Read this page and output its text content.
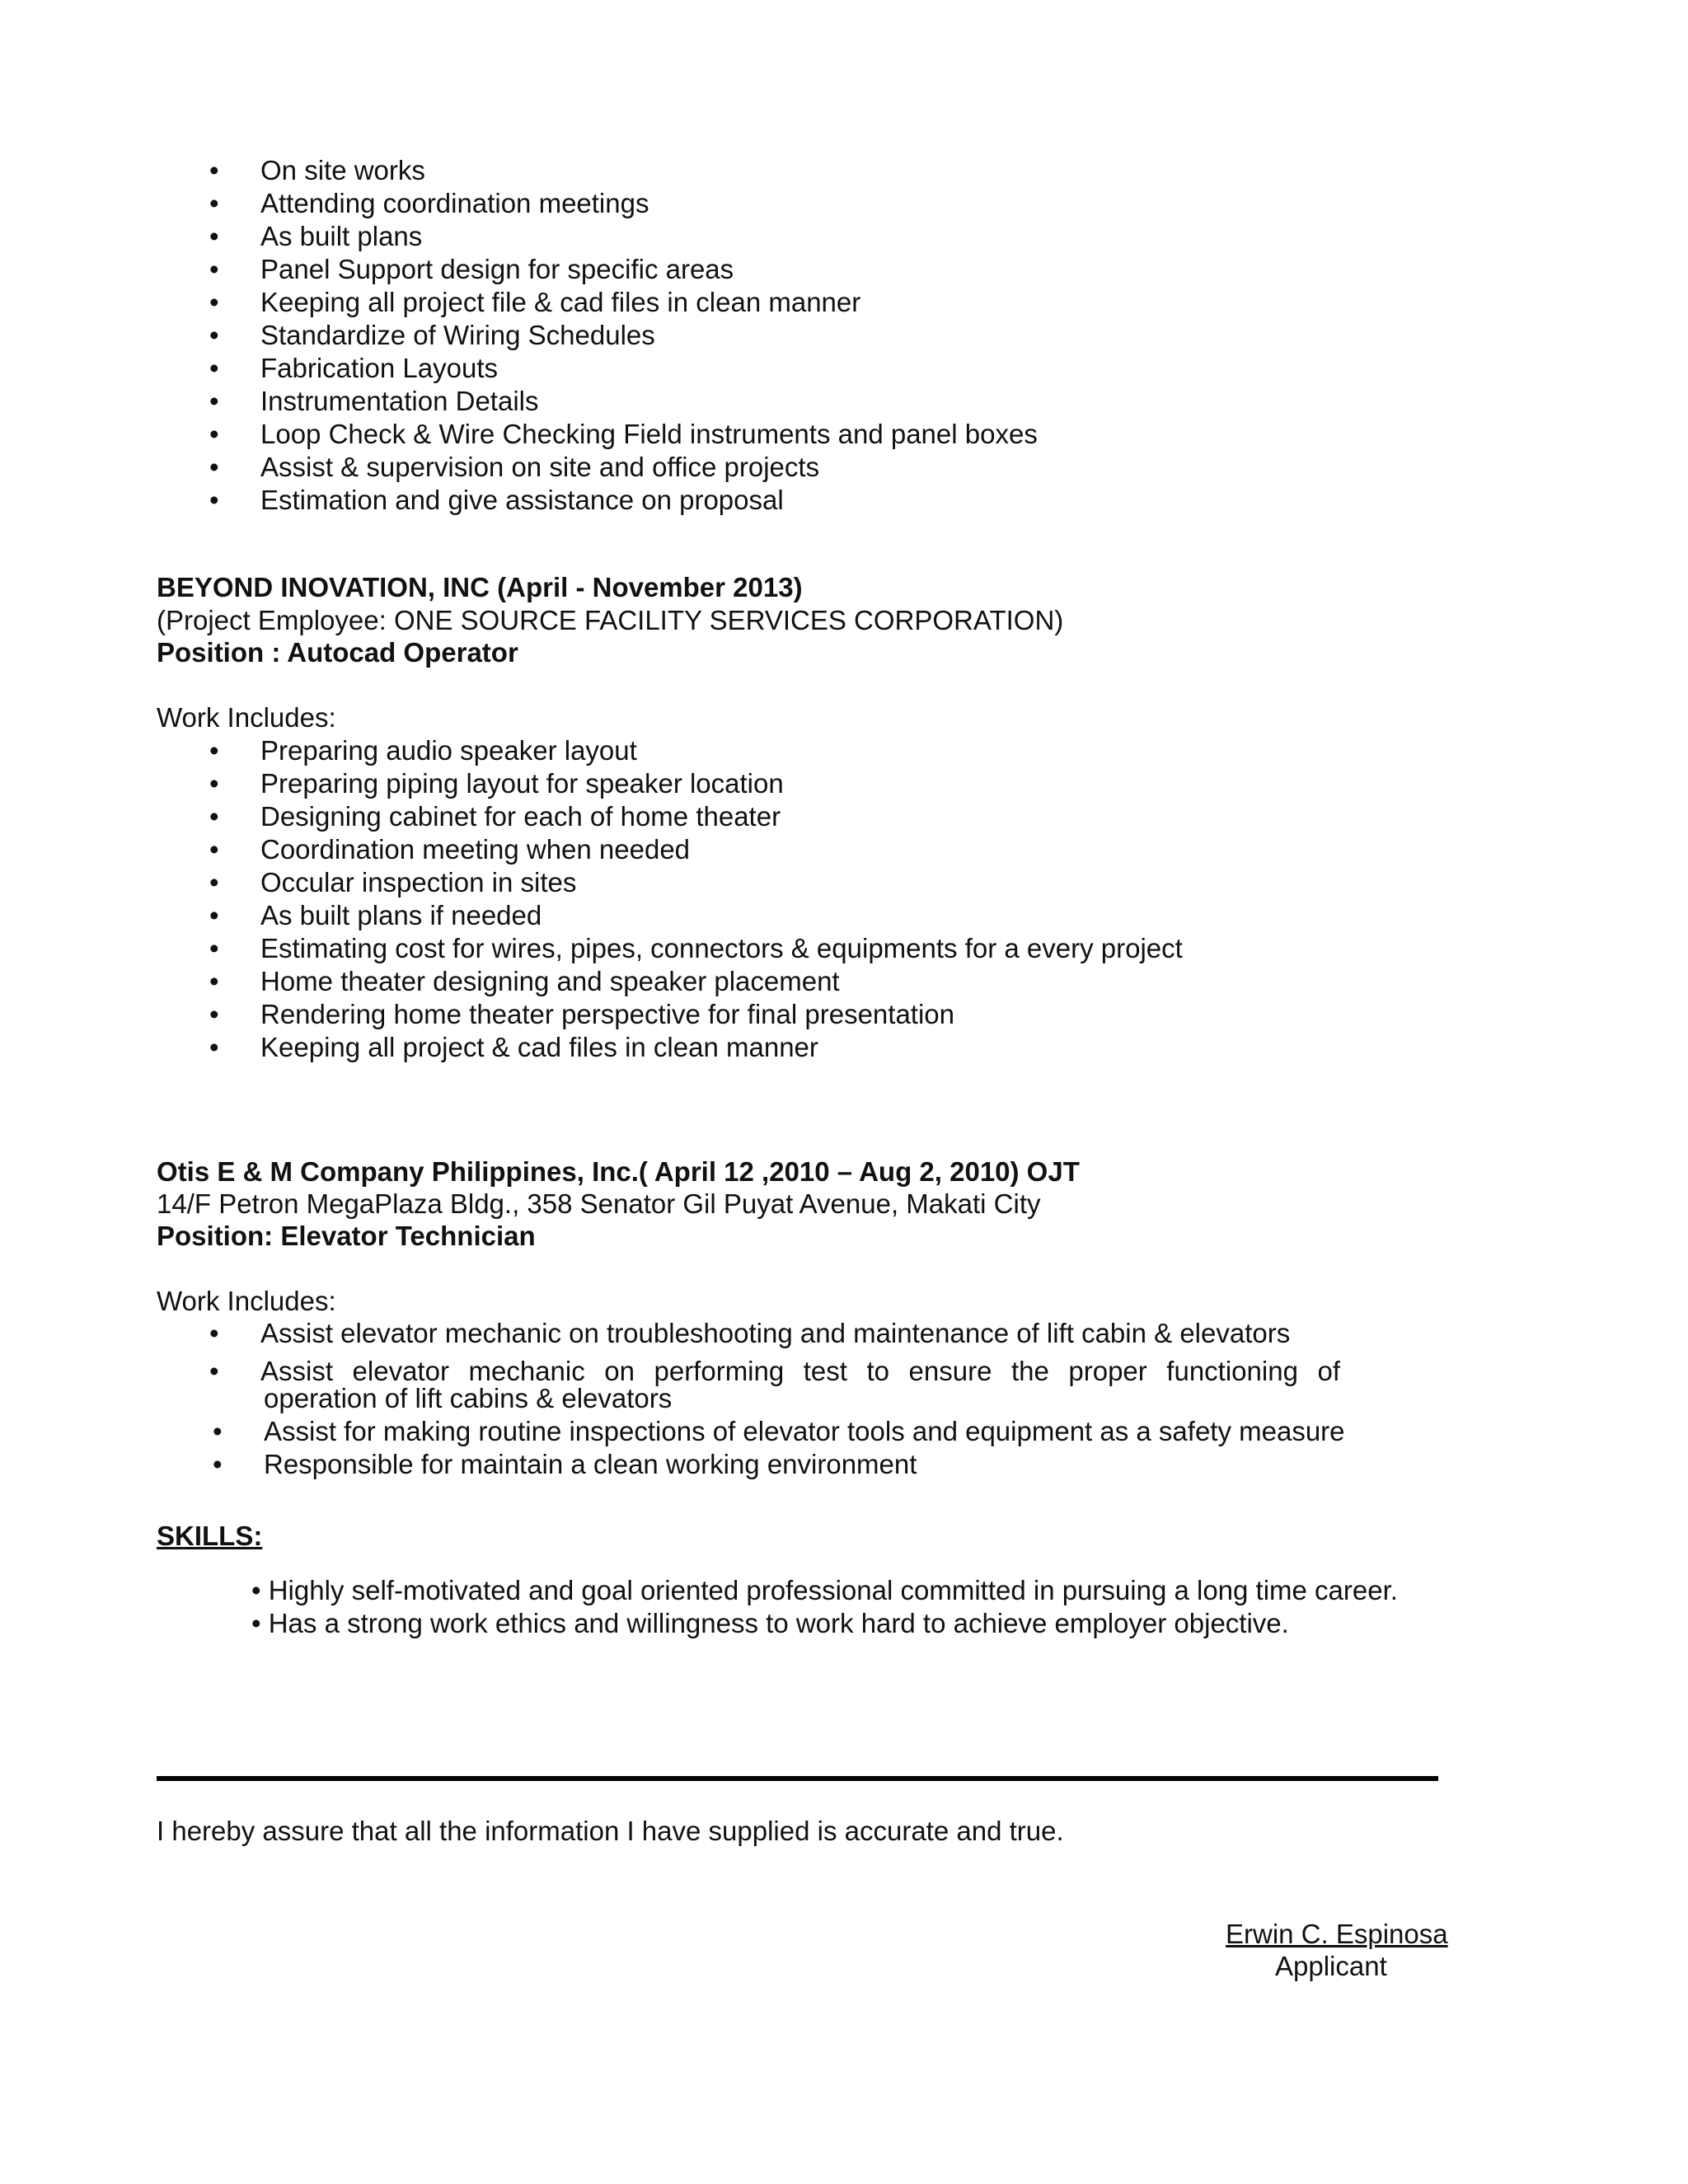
• On site works
• Attending coordination meetings
• As built plans
• Panel Support design for specific areas
• Keeping all project file & cad files in clean manner
• Standardize of Wiring Schedules
• Fabrication Layouts
• Instrumentation Details
• Loop Check & Wire Checking Field instruments and panel boxes
• Assist & supervision on site and office projects
• Estimation and give assistance on proposal
BEYOND INOVATION, INC (April - November 2013)
(Project Employee: ONE SOURCE FACILITY SERVICES CORPORATION)
Position : Autocad Operator
Work Includes:
• Preparing audio speaker layout
• Preparing piping layout for speaker location
• Designing cabinet for each of home theater
• Coordination meeting when needed
• Occular inspection in sites
• As built plans if needed
• Estimating cost for wires, pipes, connectors & equipments for a every project
• Home theater designing and speaker placement
• Rendering home theater perspective for final presentation
• Keeping all project & cad files in clean manner
Otis E & M Company Philippines, Inc.( April 12 ,2010 – Aug 2, 2010) OJT
14/F Petron MegaPlaza Bldg., 358 Senator Gil Puyat Avenue, Makati City
Position: Elevator Technician
Work Includes:
• Assist elevator mechanic on troubleshooting and maintenance of lift cabin & elevators
• Assist elevator mechanic on performing test to ensure the proper functioning of
operation of lift cabins & elevators
• Assist for making routine inspections of elevator tools and equipment as a safety measure
• Responsible for maintain a clean working environment
SKILLS:
• Highly self-motivated and goal oriented professional committed in pursuing a long time career.
• Has a strong work ethics and willingness to work hard to achieve employer objective.
I hereby assure that all the information I have supplied is accurate and true.
Erwin C. Espinosa
Applicant
